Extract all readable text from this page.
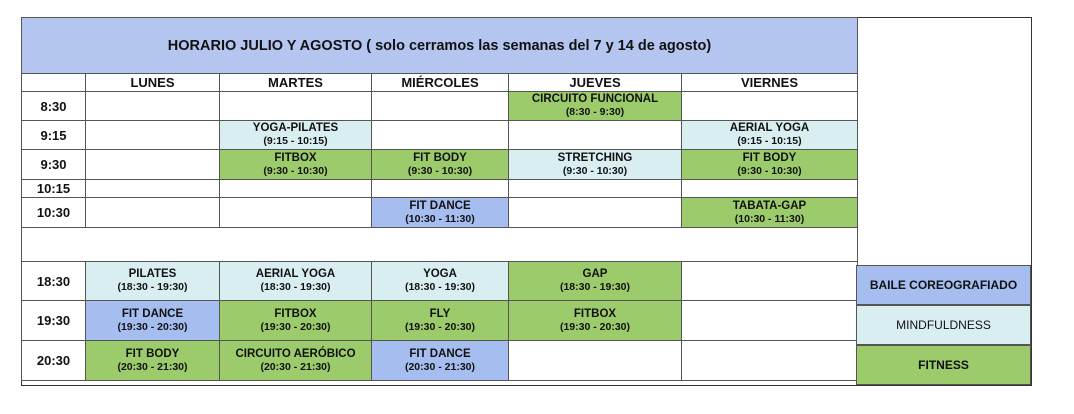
HORARIO JULIO Y AGOSTO ( solo cerramos las semanas del 7 y 14 de agosto)					
	LUNES	MARTES	MIÉRCOLES	JUEVES	VIERNES
8:30				CIRCUITO FUNCIONAL
(8:30 - 9:30)	

9:15		YOGA-PILATES
(9:15 - 10:15)			AERIAL YOGA
(9:15 - 10:15)

9:30		FITBOX
(9:30 - 10:30)	FIT BODY
(9:30 - 10:30)	STRETCHING
(9:30 - 10:30)	FIT BODY
(9:30 - 10:30)

10:15					
10:30			FIT DANCE
(10:30 - 11:30)		TABATA-GAP
(10:30 - 11:30)

18:30	PILATES
(18:30 - 19:30)	AERIAL YOGA
(18:30 - 19:30)	YOGA
(18:30 - 19:30)	GAP
(18:30 - 19:30)	

19:30	FIT DANCE
(19:30 - 20:30)	FITBOX
(19:30 - 20:30)	FLY
(19:30 - 20:30)	FITBOX
(19:30 - 20:30)	

20:30	FIT BODY
(20:30 - 21:30)	CIRCUITO AERÓBICO
(20:30 - 21:30)	FIT DANCE
(20:30 - 21:30)		

BAILE COREOGRAFIADO
MINDFULDNESS
FITNESS
